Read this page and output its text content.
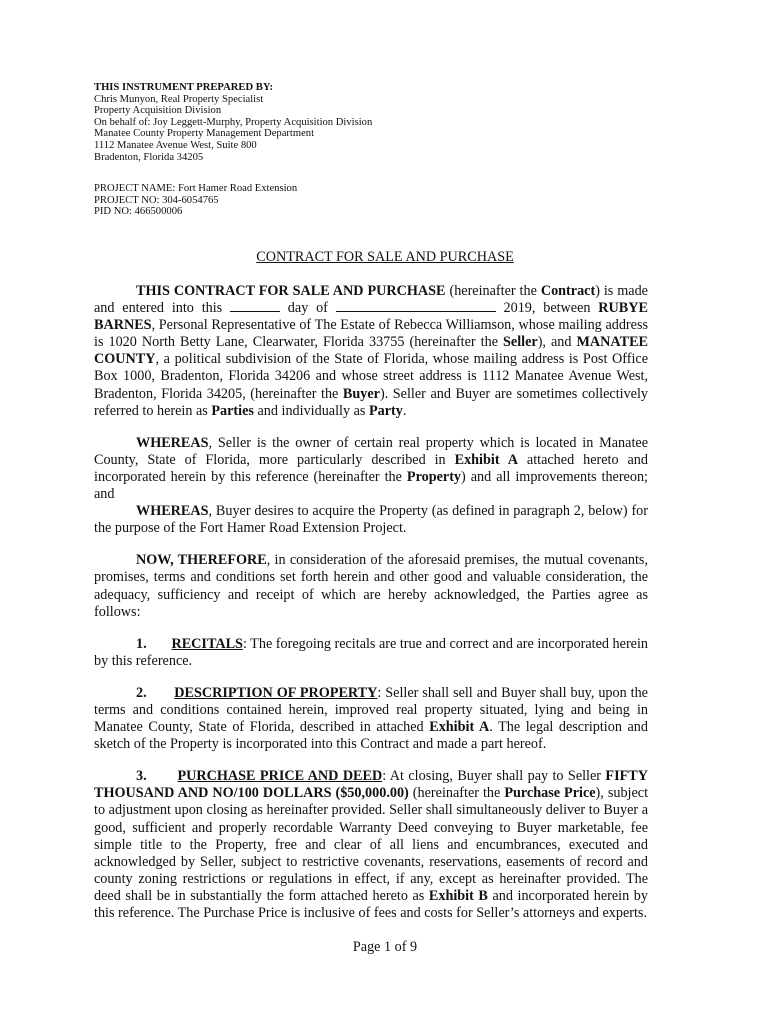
THIS INSTRUMENT PREPARED BY:
Chris Munyon, Real Property Specialist
Property Acquisition Division
On behalf of: Joy Leggett-Murphy, Property Acquisition Division
Manatee County Property Management Department
1112 Manatee Avenue West, Suite 800
Bradenton, Florida 34205
PROJECT NAME: Fort Hamer Road Extension
PROJECT NO: 304-6054765
PID NO: 466500006
CONTRACT FOR SALE AND PURCHASE

THIS CONTRACT FOR SALE AND PURCHASE (hereinafter the Contract) is made and entered into this	day of	2019, between RUBYE BARNES, Personal Representative of The Estate of Rebecca Williamson, whose mailing address is 1020 North Betty Lane, Clearwater, Florida 33755 (hereinafter the Seller), and MANATEE COUNTY, a political subdivision of the State of Florida, whose mailing address is Post Office Box 1000, Bradenton, Florida 34206 and whose street address is 1112 Manatee Avenue West, Bradenton, Florida 34205, (hereinafter the Buyer). Seller and Buyer are sometimes collectively referred to herein as Parties and individually as Party.

WHEREAS, Seller is the owner of certain real property which is located in Manatee County, State of Florida, more particularly described in Exhibit A attached hereto and incorporated herein by this reference (hereinafter the Property) and all improvements thereon; and

WHEREAS, Buyer desires to acquire the Property (as defined in paragraph 2, below) for the purpose of the Fort Hamer Road Extension Project.

NOW, THEREFORE, in consideration of the aforesaid premises, the mutual covenants, promises, terms and conditions set forth herein and other good and valuable consideration, the adequacy, sufficiency and receipt of which are hereby acknowledged, the Parties agree as follows:

1. RECITALS: The foregoing recitals are true and correct and are incorporated herein by this reference.

2. DESCRIPTION OF PROPERTY: Seller shall sell and Buyer shall buy, upon the terms and conditions contained herein, improved real property situated, lying and being in Manatee County, State of Florida, described in attached Exhibit A. The legal description and sketch of the Property is incorporated into this Contract and made a part hereof.

3. PURCHASE PRICE AND DEED: At closing, Buyer shall pay to Seller FIFTY THOUSAND AND NO/100 DOLLARS ($50,000.00) (hereinafter the Purchase Price), subject to adjustment upon closing as hereinafter provided. Seller shall simultaneously deliver to Buyer a good, sufficient and properly recordable Warranty Deed conveying to Buyer marketable, fee simple title to the Property, free and clear of all liens and encumbrances, executed and acknowledged by Seller, subject to restrictive covenants, reservations, easements of record and county zoning restrictions or regulations in effect, if any, except as hereinafter provided. The deed shall be in substantially the form attached hereto as Exhibit B and incorporated herein by this reference. The Purchase Price is inclusive of fees and costs for Seller’s attorneys and experts.

Page 1 of 9
